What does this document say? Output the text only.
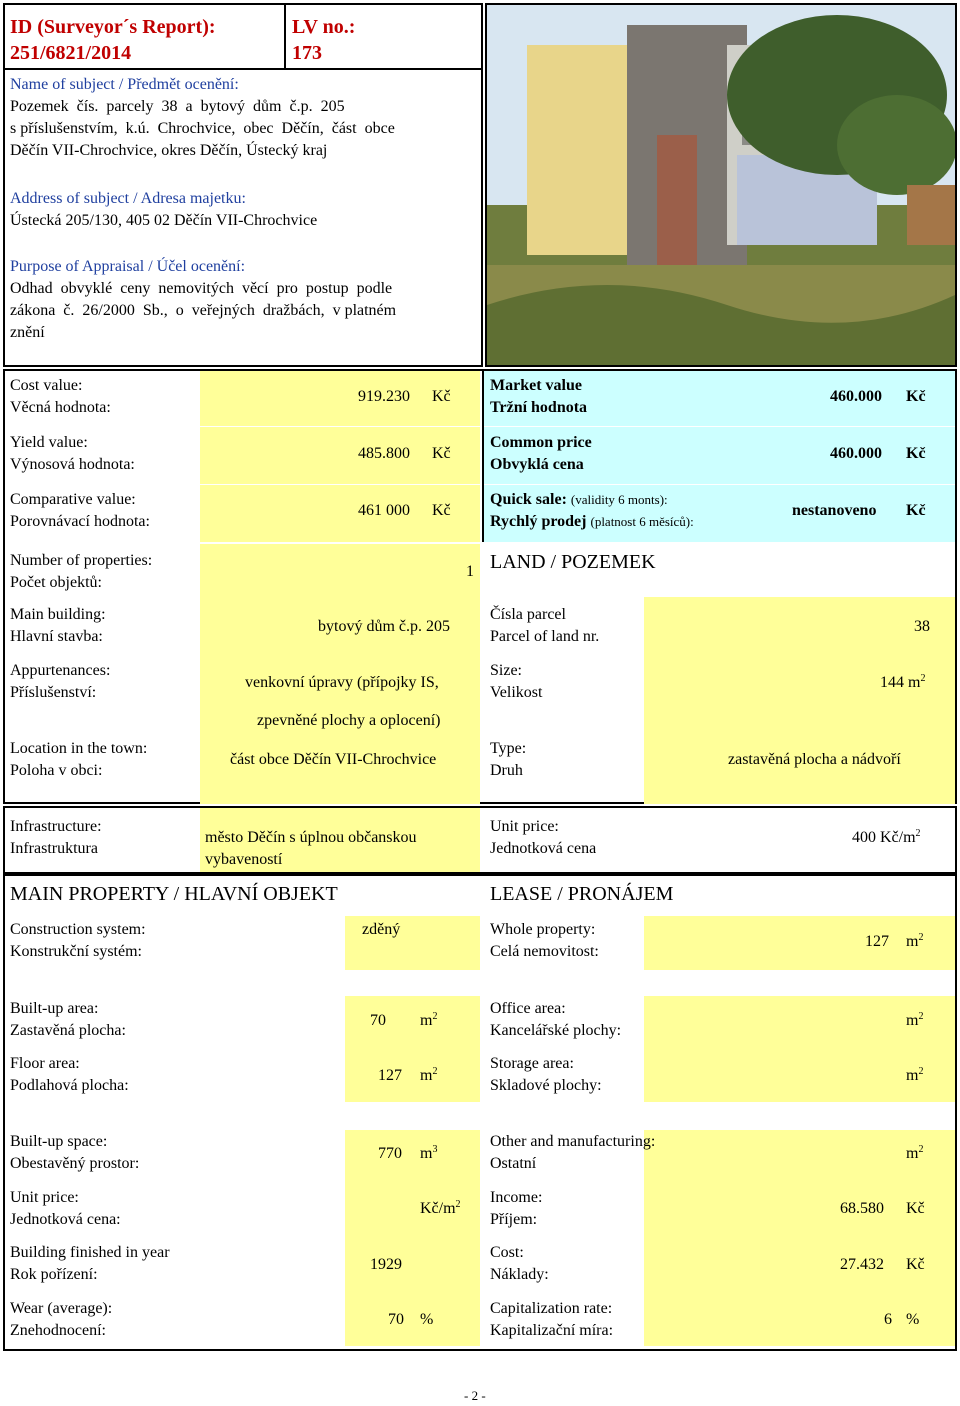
ID (Surveyor´s Report):
251/6821/2014
LV no.:
173
Name of subject / Předmět ocenění:
Pozemek  čís.  parcely  38  a  bytový  dům  č.p.  205
s příslušenstvím,  k.ú.  Chrochvice,  obec  Děčín,  část  obce
Děčín VII-Chrochvice, okres Děčín, Ústecký kraj
Address of subject / Adresa majetku:
Ústecká 205/130, 405 02 Děčín VII-Chrochvice
Purpose of Appraisal / Účel ocenění:
Odhad  obvyklé  ceny  nemovitých  věcí  pro  postup  podle
zákona  č.  26/2000  Sb.,  o  veřejných  dražbách,  v platném
znění
Cost value:
Věcná hodnota:
919.230 Kč
Yield value:
Výnosová hodnota:
485.800 Kč
Comparative value:
Porovnávací hodnota:
461 000 Kč
Market value
Tržní hodnota
460.000 Kč
Common price
Obvyklá cena
460.000 Kč
Quick sale: (validity 6 monts):
Rychlý prodej (platnost 6 měsíců):
nestanoveno Kč
Number of properties:
Počet objektů:
1
Main building:
Hlavní stavba:
bytový dům č.p. 205
Appurtenances:
Příslušenství:
venkovní úpravy (přípojky IS,
zpevněné plochy a oplocení)
Location in the town:
Poloha v obci:
část obce Děčín VII-Chrochvice
LAND / POZEMEK
Čísla parcel
Parcel of land nr.
38
Size:
Velikost
144 $m^2$
Type:
Druh
zastavěná plocha a nádvoří
Infrastructure:
Infrastruktura
město Děčín s úplnou občanskou
vybaveností
Unit price:
Jednotková cena
400 $Kč/m^2$
MAIN PROPERTY / HLAVNÍ OBJEKT	LEASE / PRONÁJEM
Construction system:
Konstrukční systém:
zděný
Built-up area:
Zastavěná plocha:
70 $m^2$
Floor area:
Podlahová plocha:
127 $m^2$
Built-up space:
Obestavěný prostor:
770 $m^3$
Unit price:
Jednotková cena:
$Kč/m^2$
Building finished in year
Rok pořízení:
1929
Wear (average):
Znehodnocení:
70 %
Whole property:
Celá nemovitost:
127 $m^2$
Office area:
Kancelářské plochy:
$m^2$
Storage area:
Skladové plochy:
$m^2$
Other and manufacturing:
Ostatní
$m^2$
Income:
Příjem:
68.580 Kč
Cost:
Náklady:
27.432 Kč
Capitalization rate:
Kapitalizační míra:
6 %
- 2 -
